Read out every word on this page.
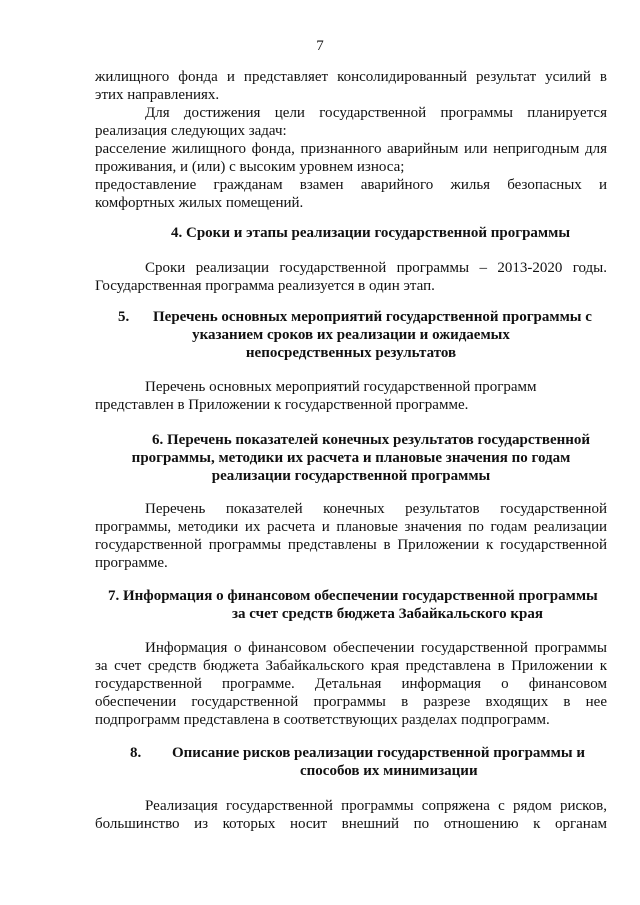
7
жилищного фонда и представляет консолидированный результат усилий в
этих направлениях.
Для достижения цели государственной программы планируется
реализация следующих задач:
расселение жилищного фонда, признанного аварийным или непригодным для
проживания, и (или) с высоким уровнем износа;
предоставление гражданам взамен аварийного жилья безопасных и
комфортных жилых помещений.
4. Сроки и этапы реализации государственной программы
Сроки реализации государственной программы – 2013-2020 годы.
Государственная программа реализуется в один этап.
5. Перечень основных мероприятий государственной программы с
указанием сроков их реализации и ожидаемых
непосредственных результатов
Перечень основных мероприятий государственной программ
представлен в Приложении к государственной программе.
6. Перечень показателей конечных результатов государственной
программы, методики их расчета и плановые значения по годам
реализации государственной программы
Перечень показателей конечных результатов государственной
программы, методики их расчета и плановые значения по годам реализации
государственной программы представлены в Приложении к государственной
программе.
7. Информация о финансовом обеспечении государственной программы
за счет средств бюджета Забайкальского края
Информация о финансовом обеспечении государственной программы
за счет средств бюджета Забайкальского края представлена в Приложении к
государственной программе. Детальная информация о финансовом
обеспечении государственной программы в разрезе входящих в нее
подпрограмм представлена в соответствующих разделах подпрограмм.
8. Описание рисков реализации государственной программы и
способов их минимизации
Реализация государственной программы сопряжена с рядом рисков,
большинство из которых носит внешний по отношению к органам
